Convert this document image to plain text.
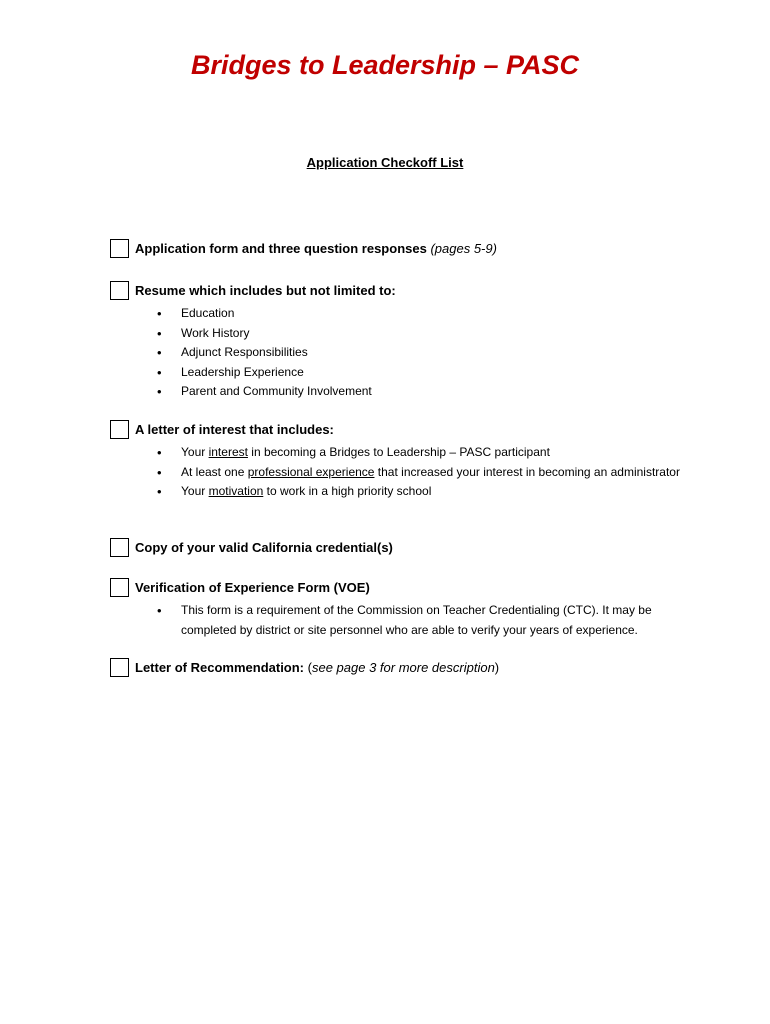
Bridges to Leadership – PASC
Application Checkoff List
Application form and three question responses (pages 5-9)
Resume which includes but not limited to:
• Education
• Work History
• Adjunct Responsibilities
• Leadership Experience
• Parent and Community Involvement
A letter of interest that includes:
• Your interest in becoming a Bridges to Leadership – PASC participant
• At least one professional experience that increased your interest in becoming an administrator
• Your motivation to work in a high priority school
Copy of your valid California credential(s)
Verification of Experience Form (VOE)
• This form is a requirement of the Commission on Teacher Credentialing (CTC). It may be completed by district or site personnel who are able to verify your years of experience.
Letter of Recommendation: (see page 3 for more description)
